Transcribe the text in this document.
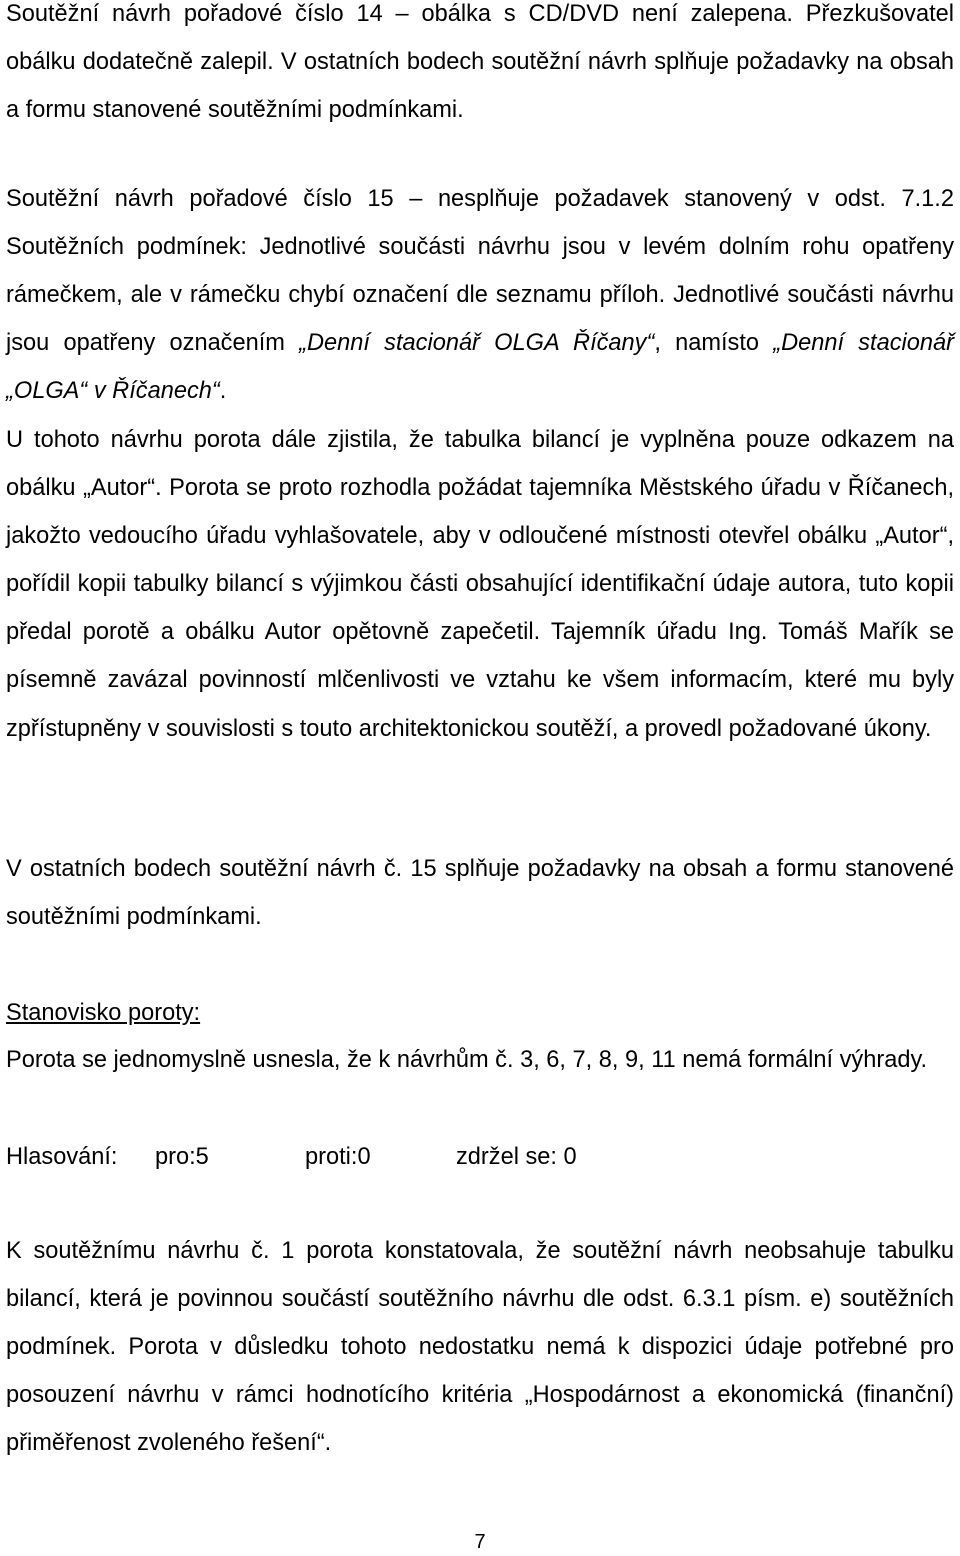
Soutěžní návrh pořadové číslo 14 – obálka s CD/DVD není zalepena. Přezkušovatel obálku dodatečně zalepil. V ostatních bodech soutěžní návrh splňuje požadavky na obsah a formu stanovené soutěžními podmínkami.

Soutěžní návrh pořadové číslo 15 – nesplňuje požadavek stanovený v odst. 7.1.2 Soutěžních podmínek: Jednotlivé součásti návrhu jsou v levém dolním rohu opatřeny rámečkem, ale v rámečku chybí označení dle seznamu příloh. Jednotlivé součásti návrhu jsou opatřeny označením „Denní stacionář OLGA Říčany“, namísto „Denní stacionář „OLGA“ v Říčanech“.

U tohoto návrhu porota dále zjistila, že tabulka bilancí je vyplněna pouze odkazem na obálku „Autor“. Porota se proto rozhodla požádat tajemníka Městského úřadu v Říčanech, jakožto vedoucího úřadu vyhlašovatele, aby v odloučené místnosti otevřel obálku „Autor“, pořídil kopii tabulky bilancí s výjimkou části obsahující identifikační údaje autora, tuto kopii předal porotě a obálku Autor opětovně zapečetil. Tajemník úřadu Ing. Tomáš Mařík se písemně zavázal povinností mlčenlivosti ve vztahu ke všem informacím, které mu byly zpřístupněny v souvislosti s touto architektonickou soutěží, a provedl požadované úkony.

V ostatních bodech soutěžní návrh č. 15 splňuje požadavky na obsah a formu stanovené soutěžními podmínkami.

Stanovisko poroty:

Porota se jednomyslně usnesla, že k návrhům č. 3, 6, 7, 8, 9, 11 nemá formální výhrady.

Hlasování: pro:5	proti:0	zdržel se: 0

K soutěžnímu návrhu č. 1 porota konstatovala, že soutěžní návrh neobsahuje tabulku bilancí, která je povinnou součástí soutěžního návrhu dle odst. 6.3.1 písm. e) soutěžních podmínek. Porota v důsledku tohoto nedostatku nemá k dispozici údaje potřebné pro posouzení návrhu v rámci hodnotícího kritéria „Hospodárnost a ekonomická (finanční) přiměřenost zvoleného řešení“.

7
